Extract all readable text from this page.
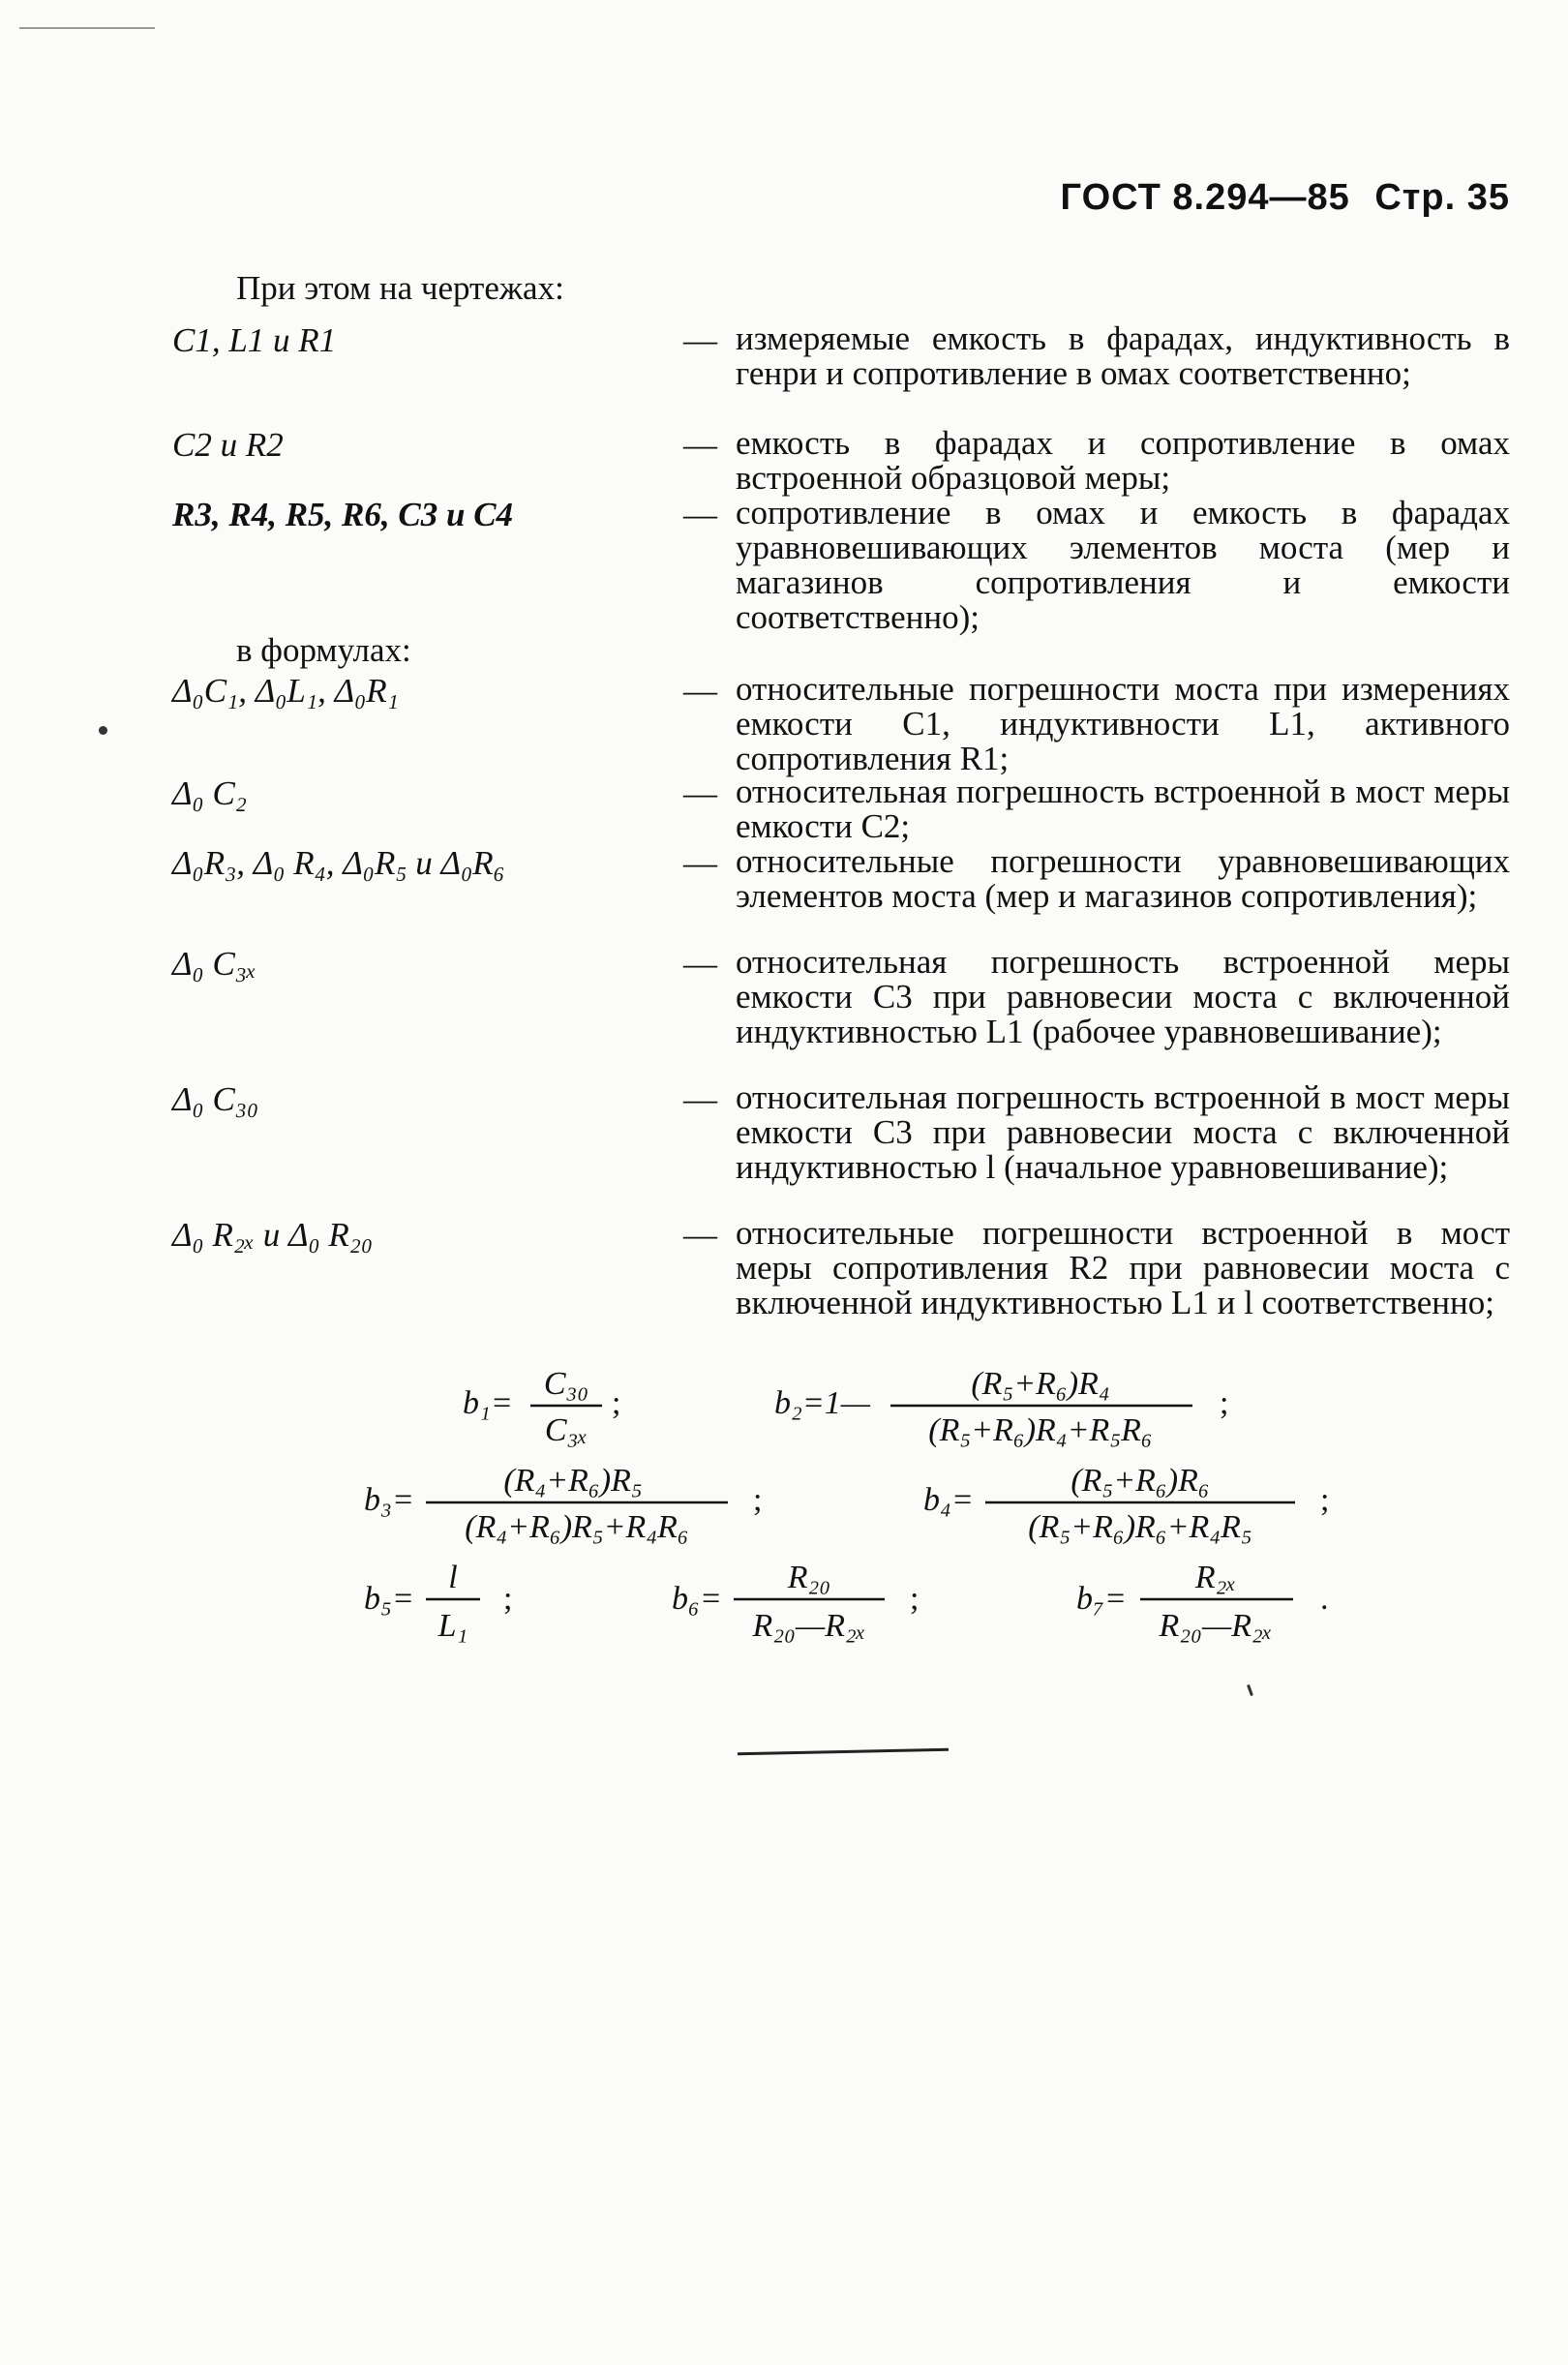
ГОСТ 8.294—85 Стр. 35
При этом на чертежах:
C1, L1 и R1	— измеряемые емкость в фарадах, индуктивность в генри и сопротивление в омах соответственно;
C2 и R2	— емкость в фарадах и сопротивление в омах встроенной образцовой меры;
R3, R4, R5, R6, C3 и C4	— сопротивление в омах и емкость в фарадах уравновешивающих элементов моста (мер и магазинов сопротивления и емкости соответственно);
в формулах:
Δ₀C₁, Δ₀L₁, Δ₀R₁	— относительные погрешности моста при измерениях емкости C1, индуктивности L1, активного сопротивления R1;
Δ₀ C₂	— относительная погрешность встроенной в мост меры емкости C2;
Δ₀R₃, Δ₀ R₄, Δ₀R₅ и Δ₀R₆	— относительные погрешности уравновешивающих элементов моста (мер и магазинов сопротивления);
Δ₀ C₃ₓ	— относительная погрешность встроенной меры емкости C3 при равновесии моста с включенной индуктивностью L1 (рабочее уравновешивание);
Δ₀ C₃₀	— относительная погрешность встроенной в мост меры емкости C3 при равновесии моста с включенной индуктивностью l (начальное уравновешивание);
Δ₀ R₂ₓ и Δ₀ R₂₀	— относительные погрешности встроенной в мост меры сопротивления R2 при равновесии моста с включенной индуктивностью L1 и l соответственно;
b₁=
C₃₀
C₃ₓ
;	b₂=1—
(R₅+R₆)R₄
(R₅+R₆)R₄+R₅R₆
;
b₃=
(R₄+R₆)R₅
(R₄+R₆)R₅+R₄R₆
;	b₄=
(R₅+R₆)R₆
(R₅+R₆)R₆+R₄R₅
;
b₅=
l
L₁
;	b₆=
R₂₀
R₂₀—R₂ₓ
;	b₇=
R₂ₓ
R₂₀—R₂ₓ
.
